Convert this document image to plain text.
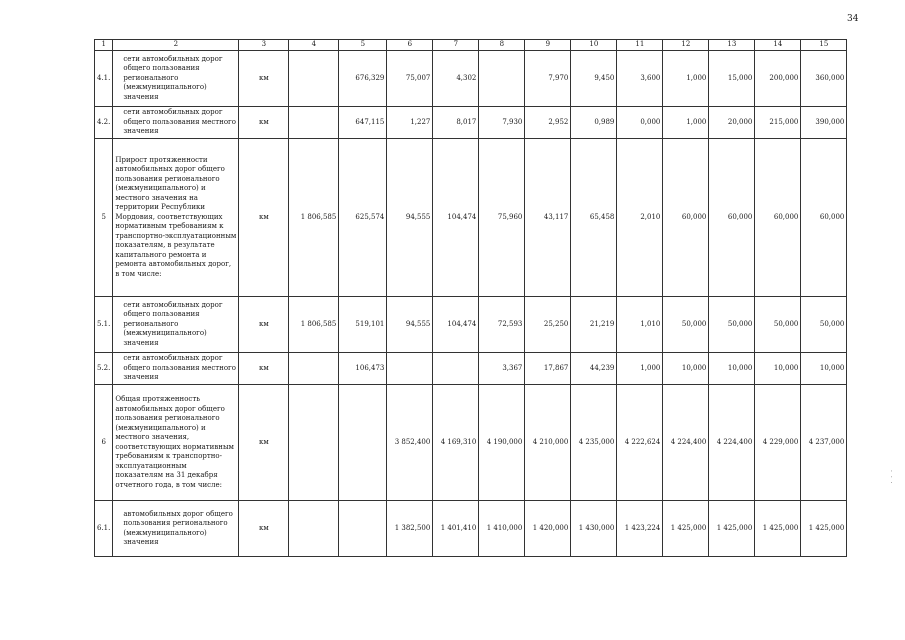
34
1	2	3	4	5	6	7	8	9	10	11	12	13	14	15
4.1.	сети автомобильных дорог общего пользования регионального (межмуниципального) значения	км		676,329	75,007	4,302		7,970	9,450	3,600	1,000	15,000	200,000	360,000
4.2.	сети автомобильных дорог общего пользования местного значения	км		647,115	1,227	8,017	7,930	2,952	0,989	0,000	1,000	20,000	215,000	390,000
5	Прирост протяженности автомобильных дорог общего пользования регионального (межмуниципального) и местного значения на территории Республики Мордовия, соответствующих нормативным требованиям к транспортно-эксплуатационным показателям, в результате капитального ремонта и ремонта автомобильных дорог, в том числе:	км	1 806,585	625,574	94,555	104,474	75,960	43,117	65,458	2,010	60,000	60,000	60,000	60,000
5.1.	сети автомобильных дорог общего пользования регионального (межмуниципального) значения	км	1 806,585	519,101	94,555	104,474	72,593	25,250	21,219	1,010	50,000	50,000	50,000	50,000
5.2.	сети автомобильных дорог общего пользования местного значения	км		106,473			3,367	17,867	44,239	1,000	10,000	10,000	10,000	10,000
6	Общая протяженность автомобильных дорог общего пользования регионального (межмуниципального) и местного значения, соответствующих нормативным требованиям к транспортно-эксплуатационным показателям на 31 декабря отчетного года, в том числе:	км			3 852,400	4 169,310	4 190,000	4 210,000	4 235,000	4 222,624	4 224,400	4 224,400	4 229,000	4 237,000
6.1.	автомобильных дорог общего пользования регионального (межмуниципального) значения	км			1 382,500	1 401,410	1 410,000	1 420,000	1 430,000	1 423,224	1 425,000	1 425,000	1 425,000	1 425,000
· · ·
